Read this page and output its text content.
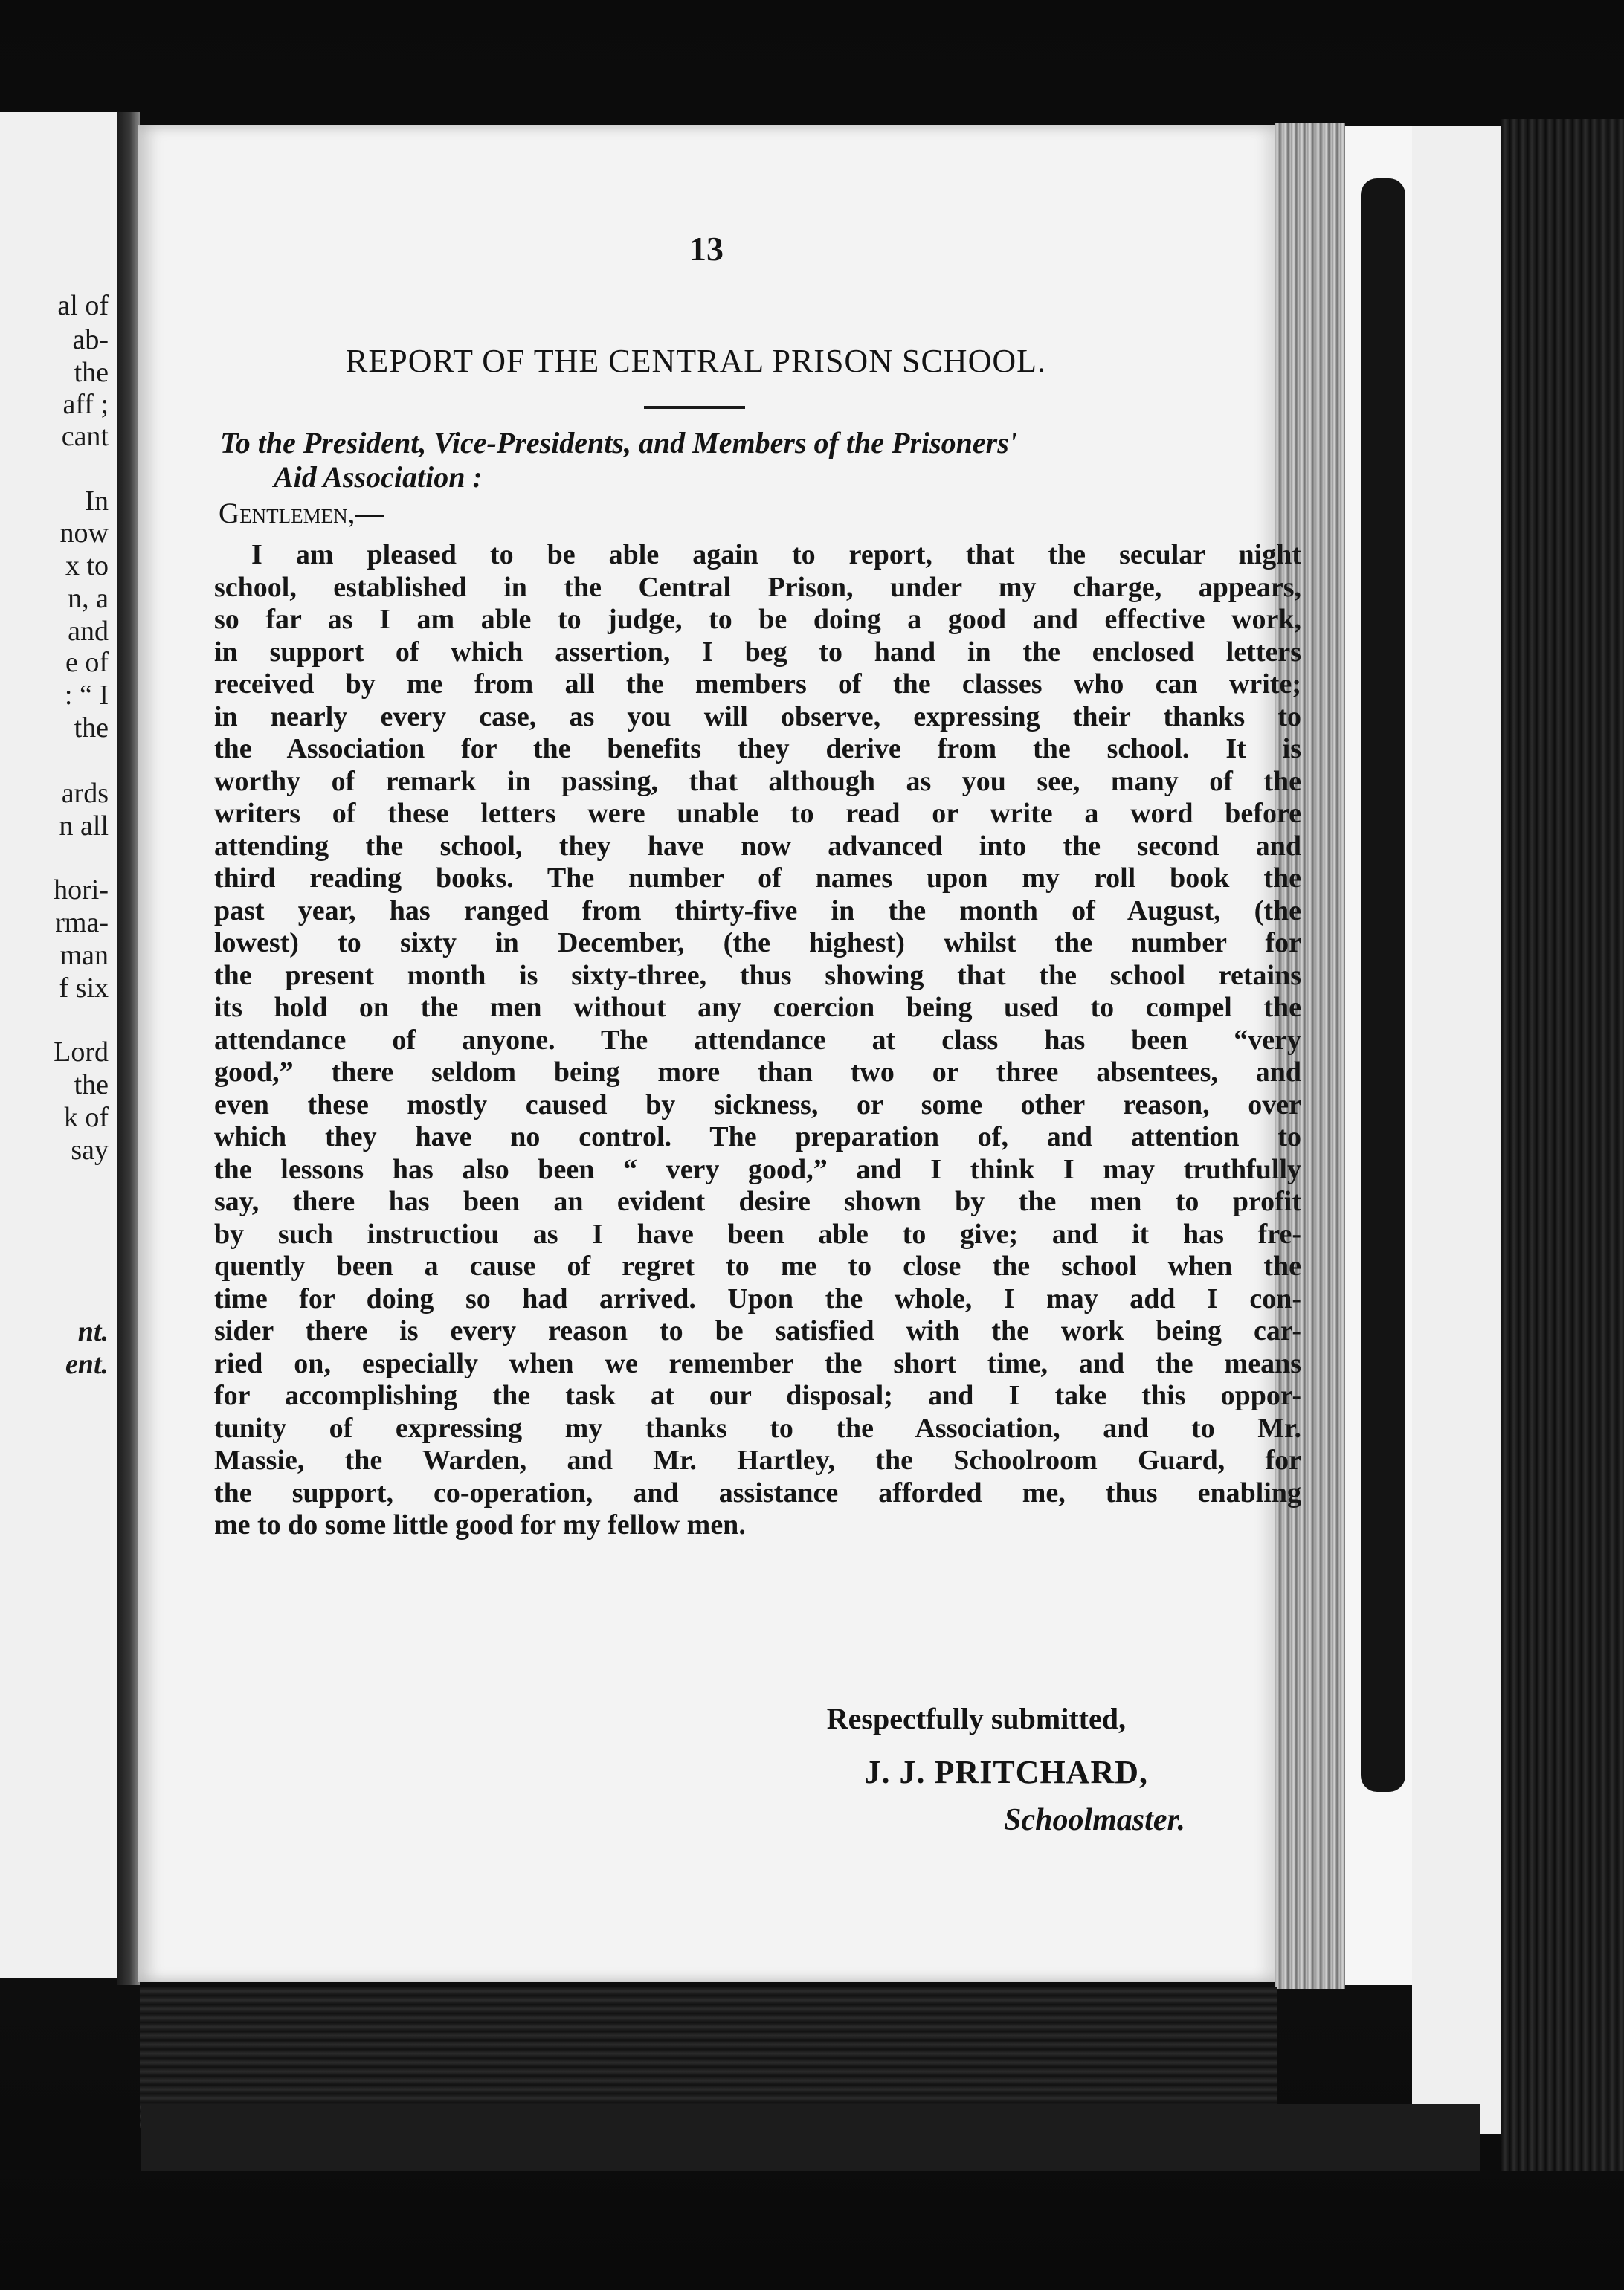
al of
ab-
the
aff ;
cant
In
now
x to
n, a
and
e of
: “ I
the
ards
n all
hori-
rma-
man
f six
Lord
the
k of
say
nt.
ent.
13
REPORT OF THE CENTRAL PRISON SCHOOL.
To the President, Vice-Presidents, and Members of the Prisoners'
Aid Association :
Gentlemen,—
I am pleased to be able again to report, that the secular night
school, established in the Central Prison, under my charge, appears,
so far as I am able to judge, to be doing a good and effective work,
in support of which assertion, I beg to hand in the enclosed letters
received by me from all the members of the classes who can write;
in nearly every case, as you will observe, expressing their thanks to
the Association for the benefits they derive from the school. It is
worthy of remark in passing, that although as you see, many of the
writers of these letters were unable to read or write a word before
attending the school, they have now advanced into the second and
third reading books. The number of names upon my roll book the
past year, has ranged from thirty-five in the month of August, (the
lowest) to sixty in December, (the highest) whilst the number for
the present month is sixty-three, thus showing that the school retains
its hold on the men without any coercion being used to compel the
attendance of anyone. The attendance at class has been “very
good,” there seldom being more than two or three absentees, and
even these mostly caused by sickness, or some other reason, over
which they have no control. The preparation of, and attention to
the lessons has also been “ very good,” and I think I may truthfully
say, there has been an evident desire shown by the men to profit
by such instructiou as I have been able to give; and it has fre-
quently been a cause of regret to me to close the school when the
time for doing so had arrived. Upon the whole, I may add I con-
sider there is every reason to be satisfied with the work being car-
ried on, especially when we remember the short time, and the means
for accomplishing the task at our disposal; and I take this oppor-
tunity of expressing my thanks to the Association, and to Mr.
Massie, the Warden, and Mr. Hartley, the Schoolroom Guard, for
the support, co-operation, and assistance afforded me, thus enabling
me to do some little good for my fellow men.
Respectfully submitted,
J. J. PRITCHARD,
Schoolmaster.
